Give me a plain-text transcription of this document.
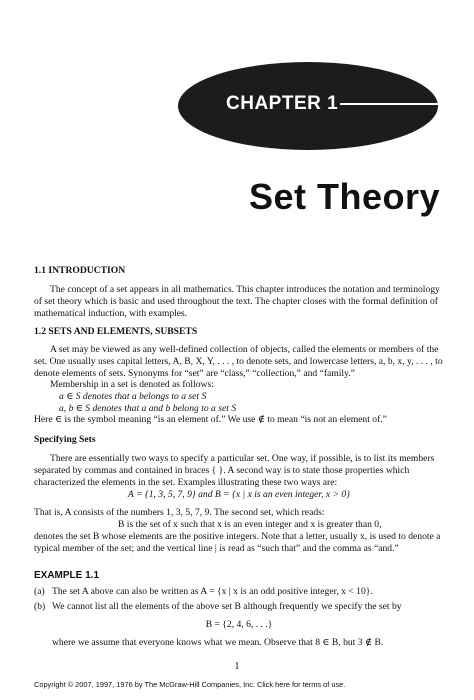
CHAPTER 1
Set Theory
1.1 INTRODUCTION
The concept of a set appears in all mathematics. This chapter introduces the notation and terminology of set theory which is basic and used throughout the text. The chapter closes with the formal definition of mathematical induction, with examples.
1.2 SETS AND ELEMENTS, SUBSETS
A set may be viewed as any well-defined collection of objects, called the elements or members of the set. One usually uses capital letters, A, B, X, Y, . . . , to denote sets, and lowercase letters, a, b, x, y, . . . , to denote elements of sets. Synonyms for “set” are “class,” “collection,” and “family.”
Membership in a set is denoted as follows:
a ∈ S denotes that a belongs to a set S
a, b ∈ S denotes that a and b belong to a set S
Here ∈ is the symbol meaning “is an element of.” We use ∉ to mean “is not an element of.”
Specifying Sets
There are essentially two ways to specify a particular set. One way, if possible, is to list its members separated by commas and contained in braces { }. A second way is to state those properties which characterized the elements in the set. Examples illustrating these two ways are:
A = {1, 3, 5, 7, 9} and B = {x | x is an even integer, x > 0}
That is, A consists of the numbers 1, 3, 5, 7, 9. The second set, which reads:
B is the set of x such that x is an even integer and x is greater than 0,
denotes the set B whose elements are the positive integers. Note that a letter, usually x, is used to denote a typical member of the set; and the vertical line | is read as “such that” and the comma as “and.”
EXAMPLE 1.1
(a) The set A above can also be written as A = {x | x is an odd positive integer, x < 10}.
(b) We cannot list all the elements of the above set B although frequently we specify the set by
B = {2, 4, 6, . . .}
where we assume that everyone knows what we mean. Observe that 8 ∈ B, but 3 ∉ B.
1
Copyright © 2007, 1997, 1976 by The McGraw-Hill Companies, Inc. Click here for terms of use.
